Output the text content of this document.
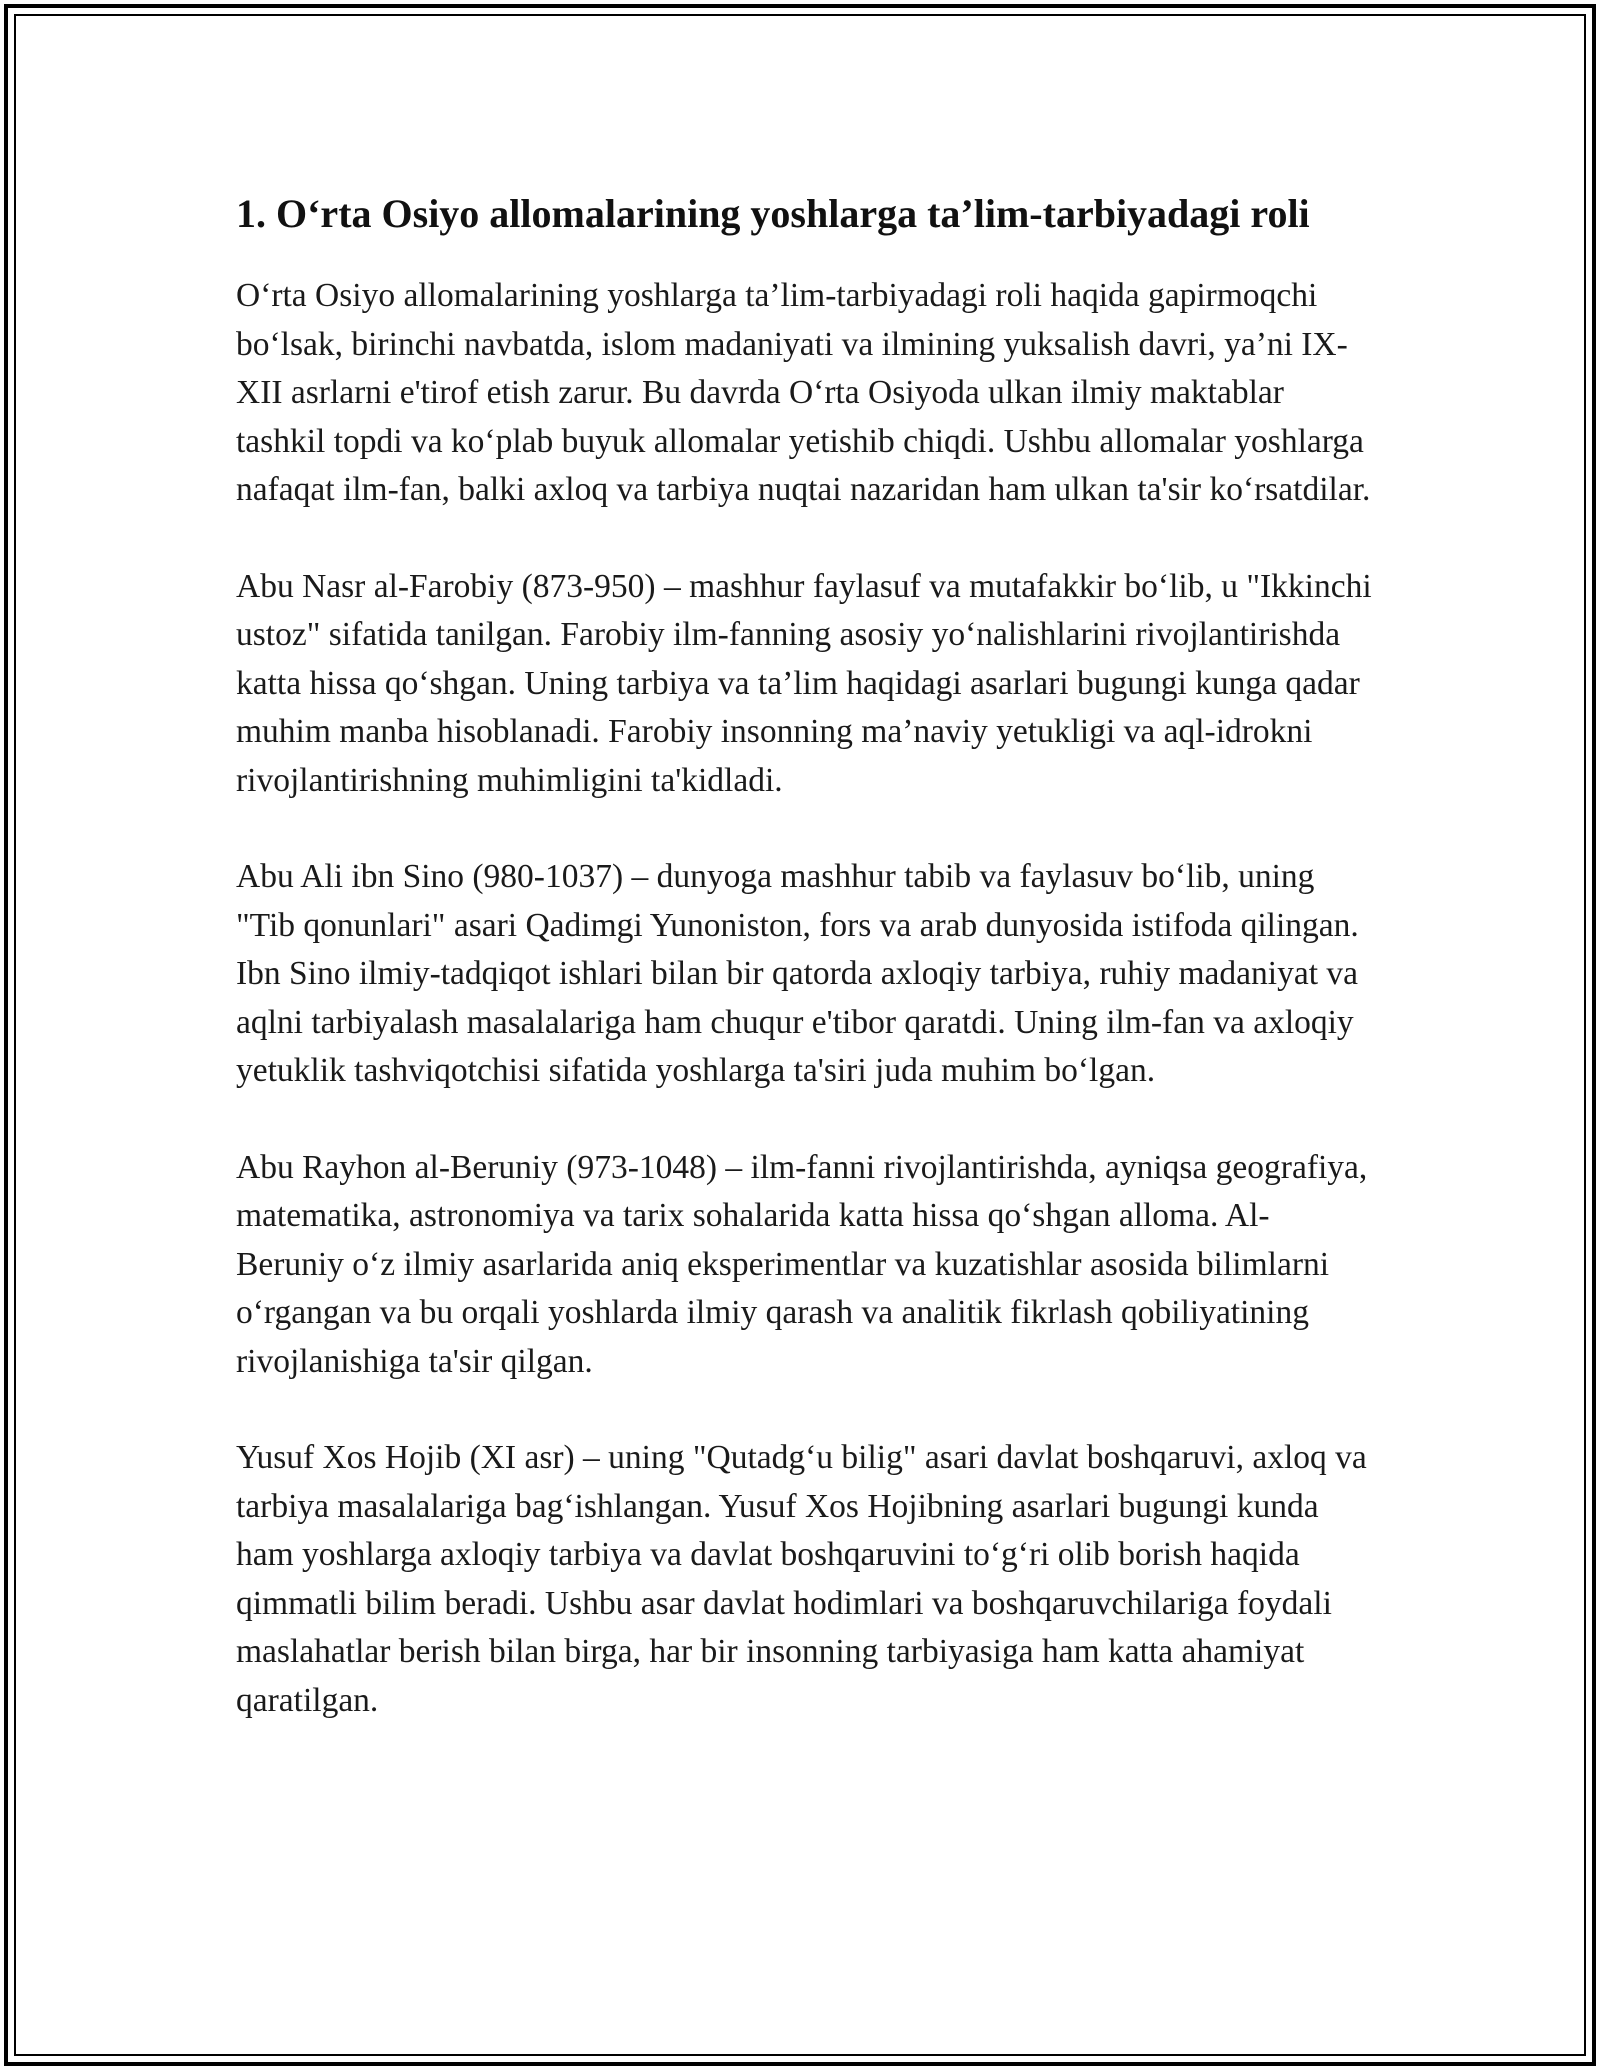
1. O‘rta Osiyo allomalarining yoshlarga ta’lim-tarbiyadagi roli

O‘rta Osiyo allomalarining yoshlarga ta’lim-tarbiyadagi roli haqida gapirmoqchi bo‘lsak, birinchi navbatda, islom madaniyati va ilmining yuksalish davri, ya’ni IX-XII asrlarni e'tirof etish zarur. Bu davrda O‘rta Osiyoda ulkan ilmiy maktablar tashkil topdi va ko‘plab buyuk allomalar yetishib chiqdi. Ushbu allomalar yoshlarga nafaqat ilm-fan, balki axloq va tarbiya nuqtai nazaridan ham ulkan ta'sir ko‘rsatdilar.

Abu Nasr al-Farobiy (873-950) – mashhur faylasuf va mutafakkir bo‘lib, u "Ikkinchi ustoz" sifatida tanilgan. Farobiy ilm-fanning asosiy yo‘nalishlarini rivojlantirishda katta hissa qo‘shgan. Uning tarbiya va ta’lim haqidagi asarlari bugungi kunga qadar muhim manba hisoblanadi. Farobiy insonning ma’naviy yetukligi va aql-idrokni rivojlantirishning muhimligini ta'kidladi.

Abu Ali ibn Sino (980-1037) – dunyoga mashhur tabib va faylasuv bo‘lib, uning "Tib qonunlari" asari Qadimgi Yunoniston, fors va arab dunyosida istifoda qilingan. Ibn Sino ilmiy-tadqiqot ishlari bilan bir qatorda axloqiy tarbiya, ruhiy madaniyat va aqlni tarbiyalash masalalariga ham chuqur e'tibor qaratdi. Uning ilm-fan va axloqiy yetuklik tashviqotchisi sifatida yoshlarga ta'siri juda muhim bo‘lgan.

Abu Rayhon al-Beruniy (973-1048) – ilm-fanni rivojlantirishda, ayniqsa geografiya, matematika, astronomiya va tarix sohalarida katta hissa qo‘shgan alloma. Al-Beruniy o‘z ilmiy asarlarida aniq eksperimentlar va kuzatishlar asosida bilimlarni o‘rgangan va bu orqali yoshlarda ilmiy qarash va analitik fikrlash qobiliyatining rivojlanishiga ta'sir qilgan.

Yusuf Xos Hojib (XI asr) – uning "Qutadg‘u bilig" asari davlat boshqaruvi, axloq va tarbiya masalalariga bag‘ishlangan. Yusuf Xos Hojibning asarlari bugungi kunda ham yoshlarga axloqiy tarbiya va davlat boshqaruvini to‘g‘ri olib borish haqida qimmatli bilim beradi. Ushbu asar davlat hodimlari va boshqaruvchilariga foydali maslahatlar berish bilan birga, har bir insonning tarbiyasiga ham katta ahamiyat qaratilgan.
